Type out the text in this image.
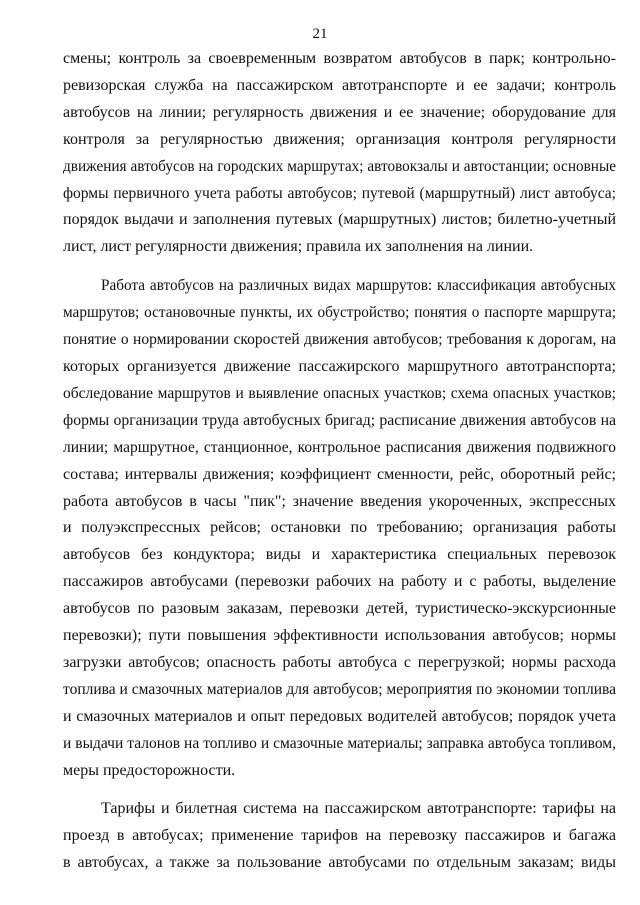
21
смены; контроль за своевременным возвратом автобусов в парк; контрольно-
ревизорская служба на пассажирском автотранспорте и ее задачи; контроль
автобусов на линии; регулярность движения и ее значение; оборудование для
контроля за регулярностью движения; организация контроля регулярности
движения автобусов на городских маршрутах; автовокзалы и автостанции; основные
формы первичного учета работы автобусов; путевой (маршрутный) лист автобуса;
порядок выдачи и заполнения путевых (маршрутных) листов; билетно-учетный
лист, лист регулярности движения; правила их заполнения на линии.
Работа автобусов на различных видах маршрутов: классификация автобусных
маршрутов; остановочные пункты, их обустройство; понятия о паспорте маршрута;
понятие о нормировании скоростей движения автобусов; требования к дорогам, на
которых организуется движение пассажирского маршрутного автотранспорта;
обследование маршрутов и выявление опасных участков; схема опасных участков;
формы организации труда автобусных бригад; расписание движения автобусов на
линии; маршрутное, станционное, контрольное расписания движения подвижного
состава; интервалы движения; коэффициент сменности, рейс, оборотный рейс;
работа автобусов в часы "пик"; значение введения укороченных, экспрессных
и полуэкспрессных рейсов; остановки по требованию; организация работы
автобусов без кондуктора; виды и характеристика специальных перевозок
пассажиров автобусами (перевозки рабочих на работу и с работы, выделение
автобусов по разовым заказам, перевозки детей, туристическо-экскурсионные
перевозки); пути повышения эффективности использования автобусов; нормы
загрузки автобусов; опасность работы автобуса с перегрузкой; нормы расхода
топлива и смазочных материалов для автобусов; мероприятия по экономии топлива
и смазочных материалов и опыт передовых водителей автобусов; порядок учета
и выдачи талонов на топливо и смазочные материалы; заправка автобуса топливом,
меры предосторожности.
Тарифы и билетная система на пассажирском автотранспорте: тарифы на
проезд в автобусах; применение тарифов на перевозку пассажиров и багажа
в автобусах, а также за пользование автобусами по отдельным заказам; виды
